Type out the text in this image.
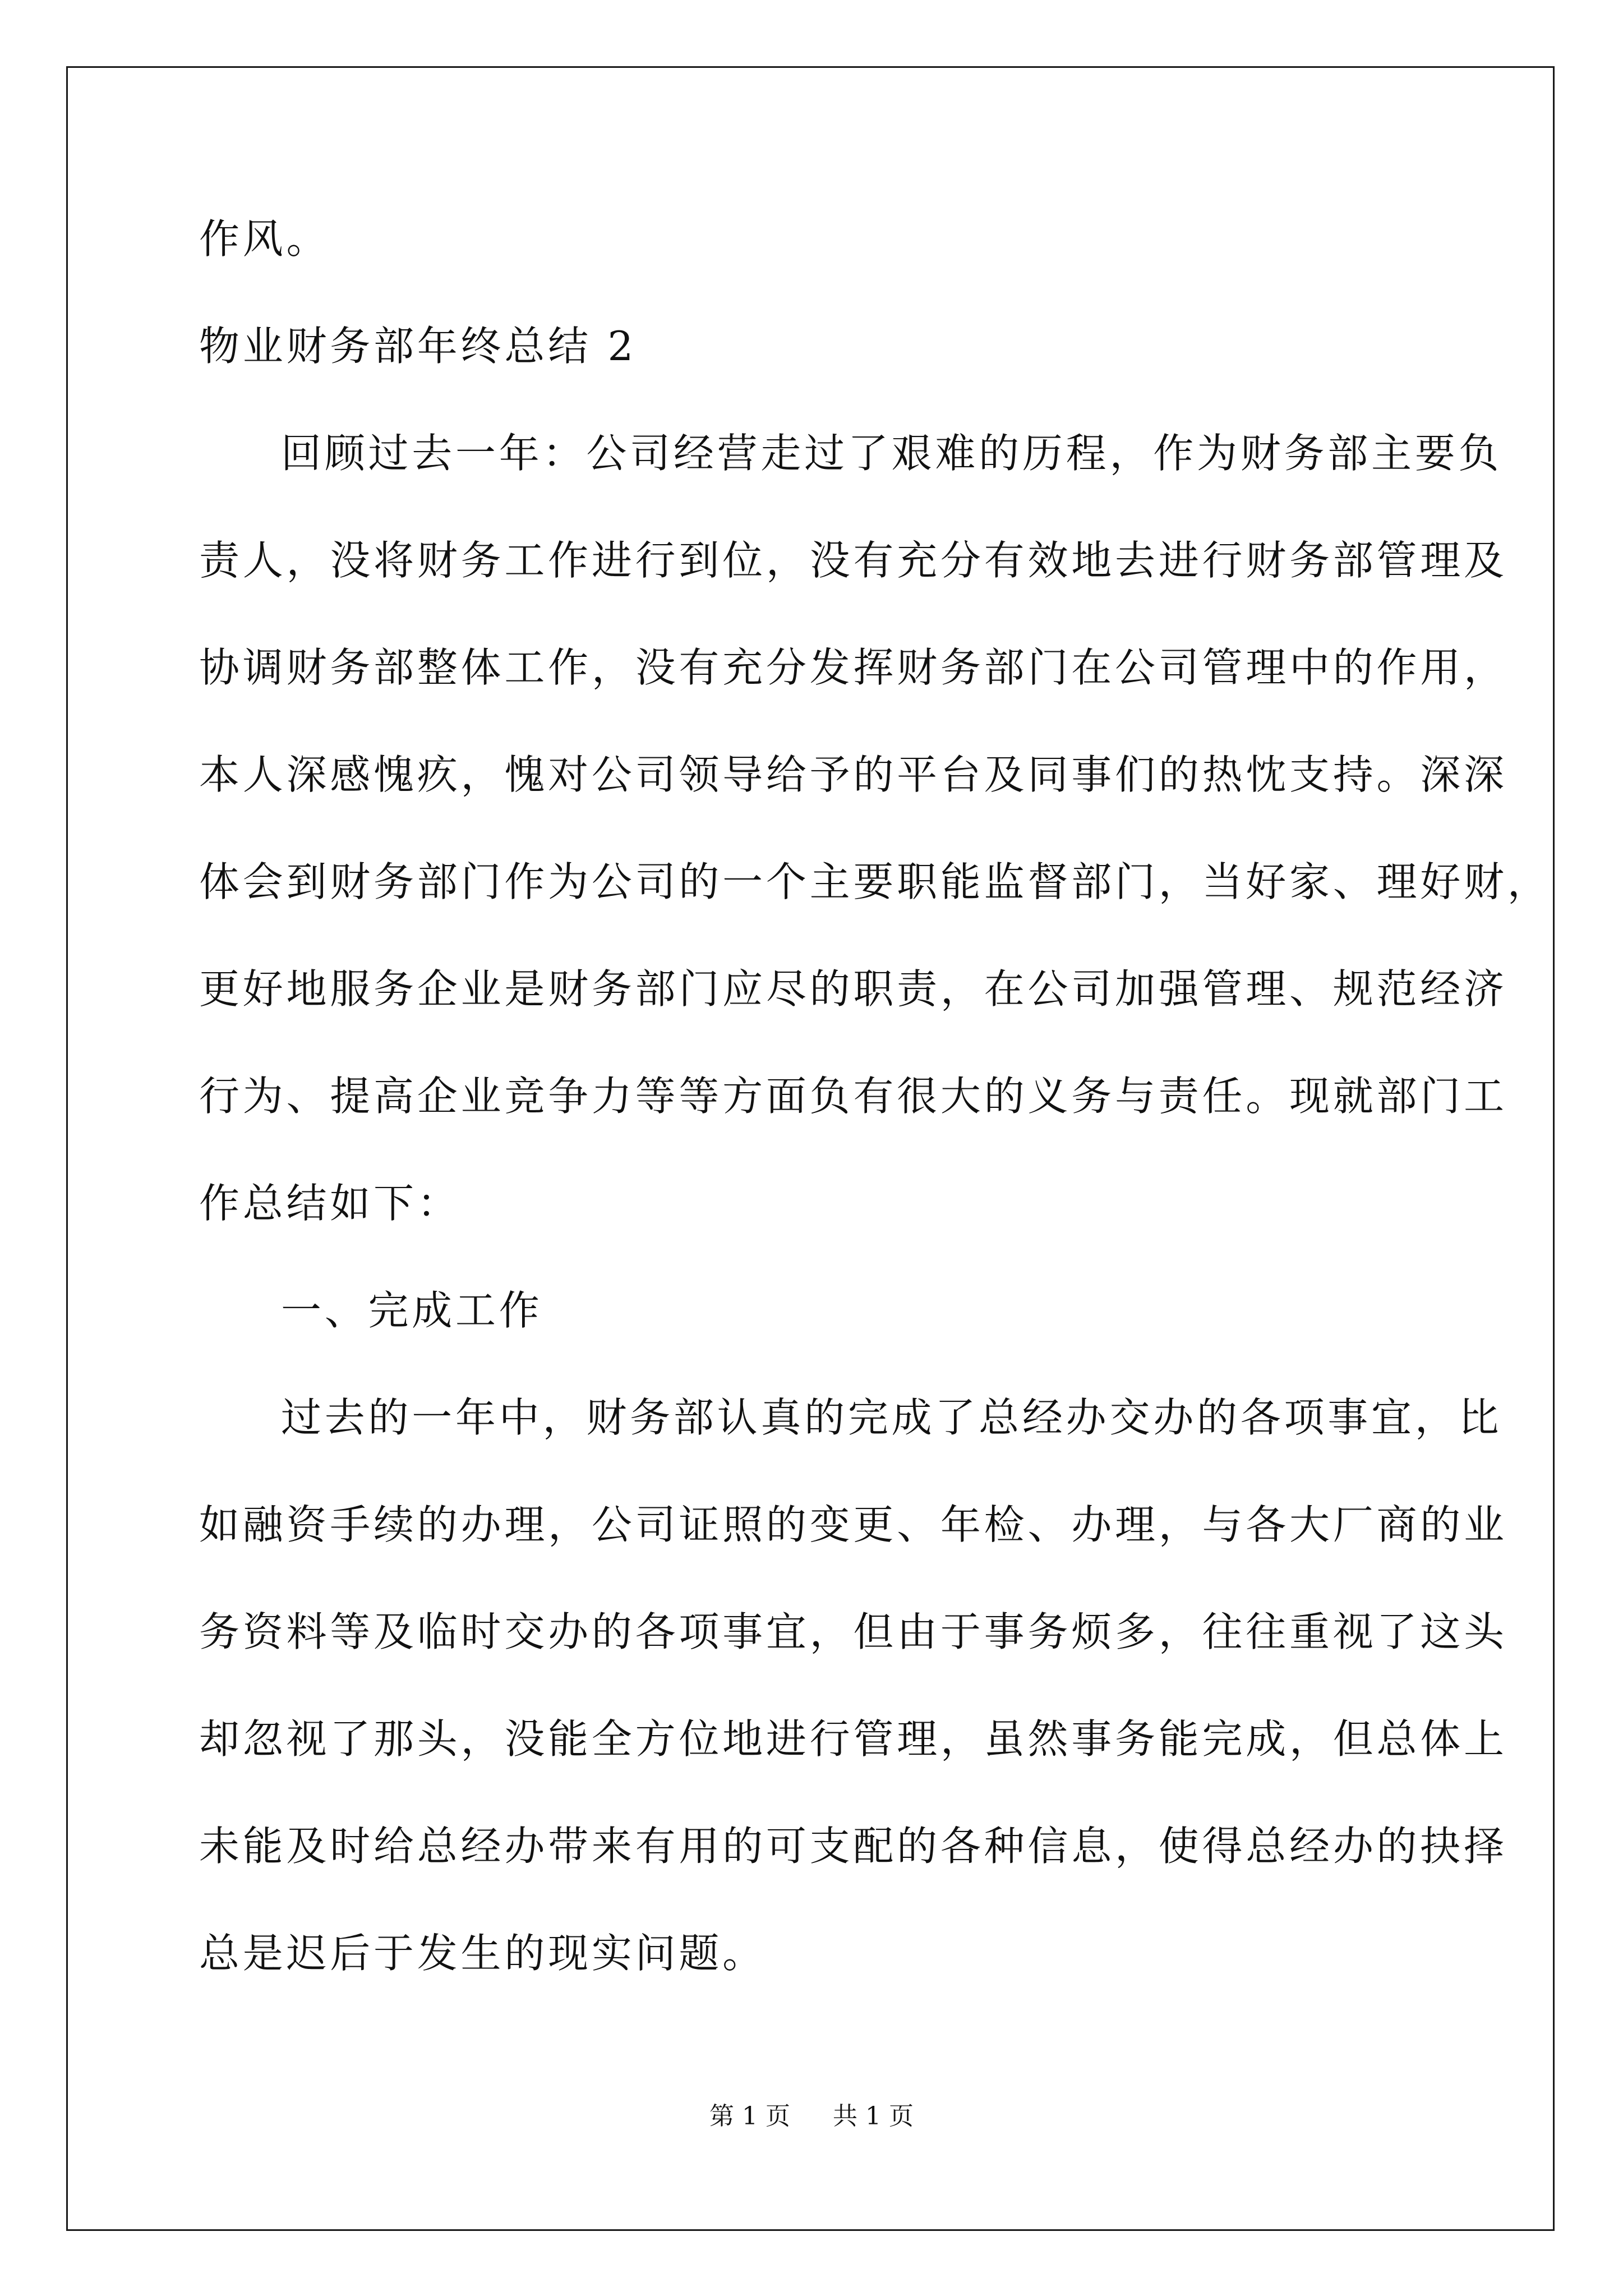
作风。

物业财务部年终总结 2

回顾过去一年：公司经营走过了艰难的历程，作为财务部主要负

责人，没将财务工作进行到位，没有充分有效地去进行财务部管理及

协调财务部整体工作，没有充分发挥财务部门在公司管理中的作用，

本人深感愧疚，愧对公司领导给予的平台及同事们的热忱支持。深深

体会到财务部门作为公司的一个主要职能监督部门，当好家、理好财，

更好地服务企业是财务部门应尽的职责，在公司加强管理、规范经济

行为、提高企业竞争力等等方面负有很大的义务与责任。现就部门工

作总结如下：

一、完成工作

过去的一年中，财务部认真的完成了总经办交办的各项事宜，比

如融资手续的办理，公司证照的变更、年检、办理，与各大厂商的业

务资料等及临时交办的各项事宜，但由于事务烦多，往往重视了这头

却忽视了那头，没能全方位地进行管理，虽然事务能完成，但总体上

未能及时给总经办带来有用的可支配的各种信息，使得总经办的抉择

总是迟后于发生的现实问题。

第 1 页 共 1 页
